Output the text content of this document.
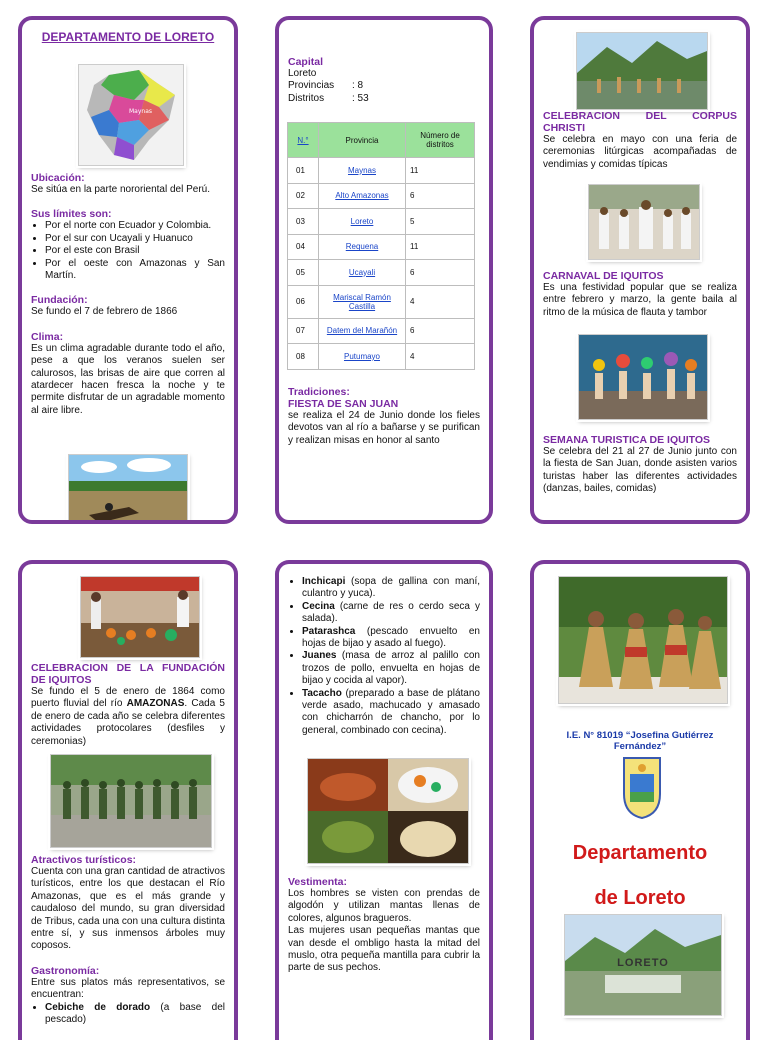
DEPARTAMENTO DE LORETO

Maynas

Ubicación:

Se sitúa en la parte nororiental del Perú.

Sus límites son:

• Por el norte con Ecuador y Colombia.
• Por el sur con Ucayali y Huanuco
• Por el este con Brasil
• Por el oeste con Amazonas y San Martín.

Fundación:

Se fundo el 7 de febrero de 1866

Clima:

Es un clima agradable durante todo el año, pese a que los veranos suelen ser calurosos, las brisas de aire que corren al atardecer hacen fresca la noche y te permite disfrutar de un agradable momento al aire libre.

Capital

Loreto

Provincias : 8

Distritos	: 53

N.°	Provincia	Número de distritos
01	Maynas	11
02	Alto Amazonas	6
03	Loreto	5
04	Requena	11
05	Ucayali	6
06	Mariscal Ramón Castilla	4
07	Datem del Marañón	6
08	Putumayo	4

Tradiciones:

FIESTA DE SAN JUAN

se realiza el 24 de Junio donde los fieles devotos van al río a bañarse y se purifican y realizan misas en honor al santo

CELEBRACION DEL CORPUS CHRISTI

Se celebra en mayo con una feria de ceremonias litúrgicas acompañadas de vendimias y comidas típicas

CARNAVAL DE IQUITOS

Es una festividad popular que se realiza entre febrero y marzo, la gente baila al ritmo de la música de flauta y tambor

SEMANA TURISTICA DE IQUITOS

Se celebra del 21 al 27 de Junio junto con la fiesta de San Juan, donde asisten varios turistas haber las diferentes actividades (danzas, bailes, comidas)

CELEBRACION DE LA FUNDACIÓN DE IQUITOS

Se fundo el 5 de enero de 1864 como puerto fluvial del río AMAZONAS. Cada 5 de enero de cada año se celebra diferentes actividades protocolares (desfiles y ceremonias)

Atractivos turísticos:

Cuenta con una gran cantidad de atractivos turísticos, entre los que destacan el Río Amazonas, que es el más grande y caudaloso del mundo, su gran diversidad de Tribus, cada una con una cultura distinta entre sí, y sus inmensos árboles muy coposos.

Gastronomía:

Entre sus platos más representativos, se encuentran:

• Cebiche de dorado (a base del pescado)
• Inchicapi (sopa de gallina con maní, culantro y yuca).
• Cecina (carne de res o cerdo seca y salada).
• Patarashca (pescado envuelto en hojas de bijao y asado al fuego).
• Juanes (masa de arroz al palillo con trozos de pollo, envuelta en hojas de bijao y cocida al vapor).
• Tacacho (preparado a base de plátano verde asado, machucado y amasado con chicharrón de chancho, por lo general, combinado con cecina).

Vestimenta:

Los hombres se visten con prendas de algodón y utilizan mantas llenas de colores, algunos bragueros.

Las mujeres usan pequeñas mantas que van desde el ombligo hasta la mitad del muslo, otra pequeña mantilla para cubrir la parte de sus pechos.

I.E. N° 81019 “Josefina Gutiérrez Fernández”

Departamento

de Loreto

LORETO
